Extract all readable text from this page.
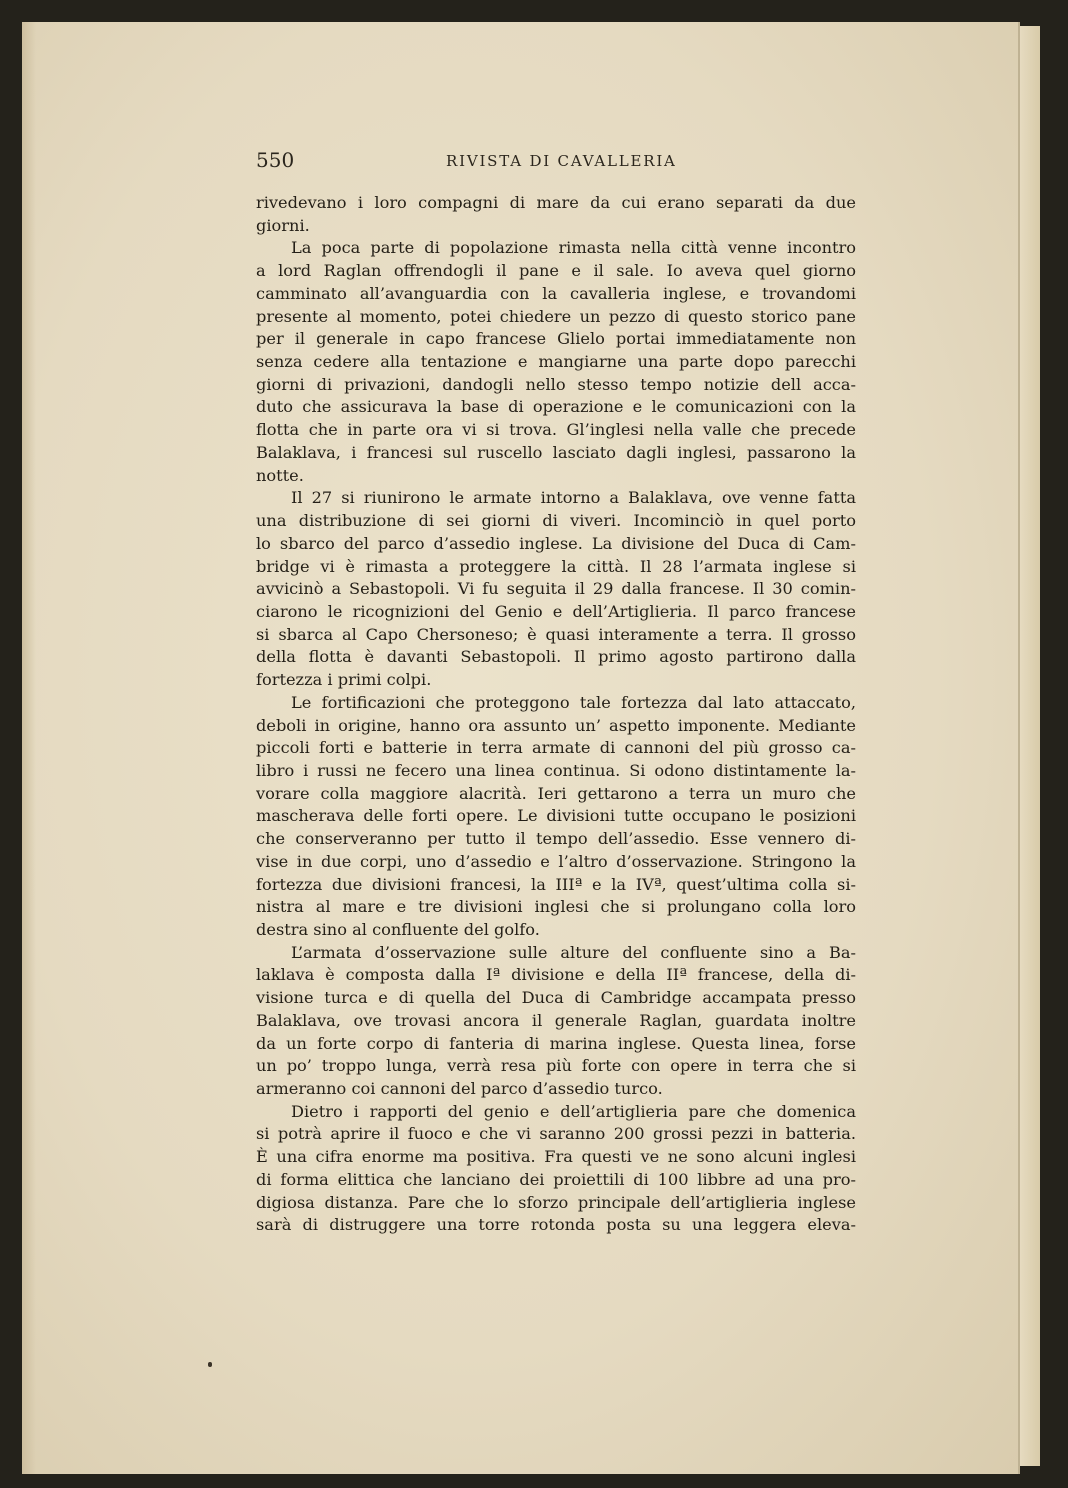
550	RIVISTA DI CAVALLERIA
rivedevano i loro compagni di mare da cui erano separati da due
giorni.
La poca parte di popolazione rimasta nella città venne incontro
a lord Raglan offrendogli il pane e il sale. Io aveva quel giorno
camminato all’avanguardia con la cavalleria inglese, e trovandomi
presente al momento, potei chiedere un pezzo di questo storico pane
per il generale in capo francese Glielo portai immediatamente non
senza cedere alla tentazione e mangiarne una parte dopo parecchi
giorni di privazioni, dandogli nello stesso tempo notizie dell acca-
duto che assicurava la base di operazione e le comunicazioni con la
flotta che in parte ora vi si trova. Gl’inglesi nella valle che precede
Balaklava, i francesi sul ruscello lasciato dagli inglesi, passarono la
notte.
Il 27 si riunirono le armate intorno a Balaklava, ove venne fatta
una distribuzione di sei giorni di viveri. Incominciò in quel porto
lo sbarco del parco d’assedio inglese. La divisione del Duca di Cam-
bridge vi è rimasta a proteggere la città. Il 28 l’armata inglese si
avvicinò a Sebastopoli. Vi fu seguita il 29 dalla francese. Il 30 comin-
ciarono le ricognizioni del Genio e dell’Artiglieria. Il parco francese
si sbarca al Capo Chersoneso; è quasi interamente a terra. Il grosso
della flotta è davanti Sebastopoli. Il primo agosto partirono dalla
fortezza i primi colpi.
Le fortificazioni che proteggono tale fortezza dal lato attaccato,
deboli in origine, hanno ora assunto un’ aspetto imponente. Mediante
piccoli forti e batterie in terra armate di cannoni del più grosso ca-
libro i russi ne fecero una linea continua. Si odono distintamente la-
vorare colla maggiore alacrità. Ieri gettarono a terra un muro che
mascherava delle forti opere. Le divisioni tutte occupano le posizioni
che conserveranno per tutto il tempo dell’assedio. Esse vennero di-
vise in due corpi, uno d’assedio e l’altro d’osservazione. Stringono la
fortezza due divisioni francesi, la IIIª e la IVª, quest’ultima colla si-
nistra al mare e tre divisioni inglesi che si prolungano colla loro
destra sino al confluente del golfo.
L’armata d’osservazione sulle alture del confluente sino a Ba-
laklava è composta dalla Iª divisione e della IIª francese, della di-
visione turca e di quella del Duca di Cambridge accampata presso
Balaklava, ove trovasi ancora il generale Raglan, guardata inoltre
da un forte corpo di fanteria di marina inglese. Questa linea, forse
un po’ troppo lunga, verrà resa più forte con opere in terra che si
armeranno coi cannoni del parco d’assedio turco.
Dietro i rapporti del genio e dell’artiglieria pare che domenica
si potrà aprire il fuoco e che vi saranno 200 grossi pezzi in batteria.
È una cifra enorme ma positiva. Fra questi ve ne sono alcuni inglesi
di forma elittica che lanciano dei proiettili di 100 libbre ad una pro-
digiosa distanza. Pare che lo sforzo principale dell’artiglieria inglese
sarà di distruggere una torre rotonda posta su una leggera eleva-
